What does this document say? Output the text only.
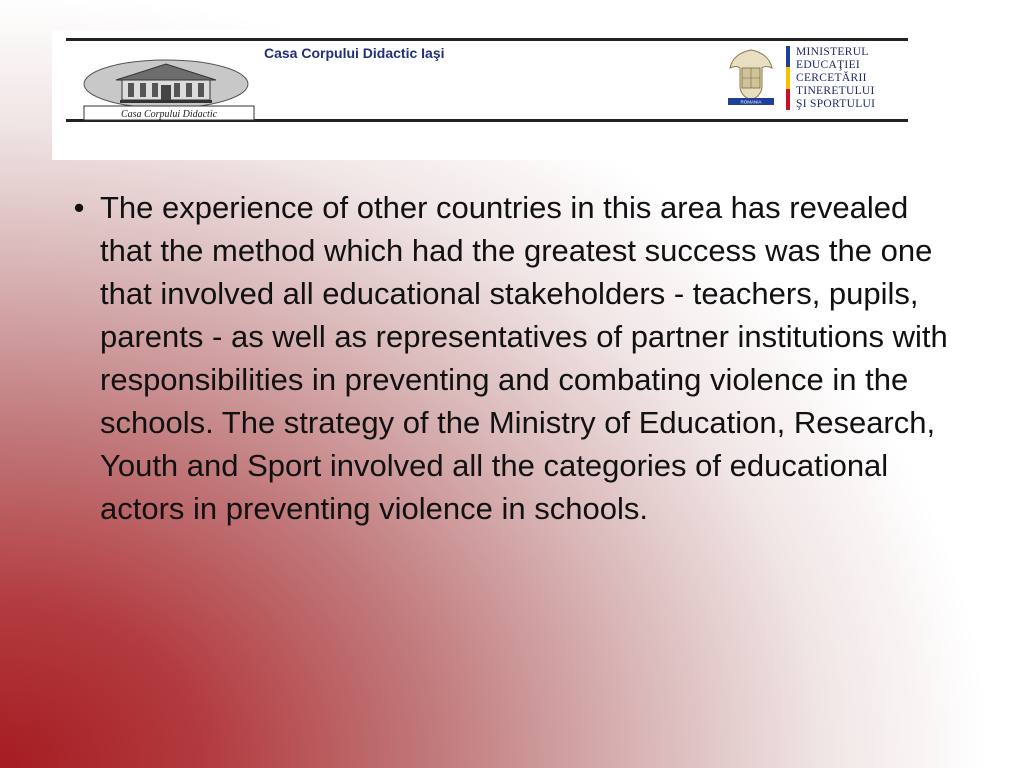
Casa Corpului Didactic Iaşi
Casa Corpului Didactic
ROMANIA
MINISTERUL
EDUCAŢIEI
CERCETĂRII
TINERETULUI
ŞI SPORTULUI
• The experience of other countries in this area has revealed that the method which had the greatest success was the one that involved all educational stakeholders - teachers, pupils, parents - as well as representatives of partner institutions with responsibilities in preventing and combating violence in the schools. The strategy of the Ministry of Education, Research, Youth and Sport involved all the categories of educational actors in preventing violence in schools.
